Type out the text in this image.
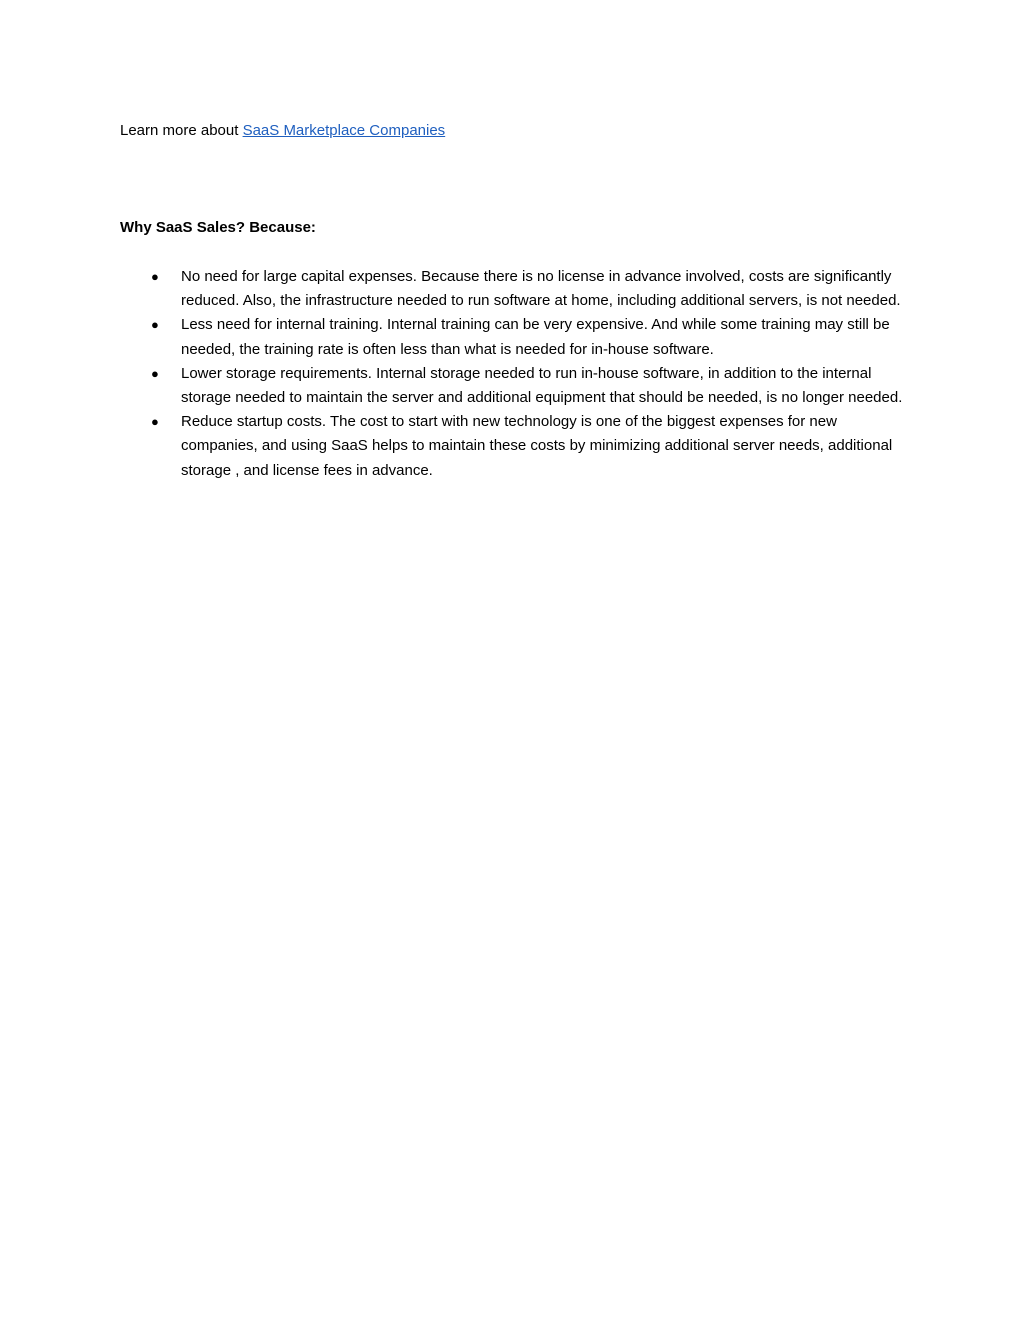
Learn more about SaaS Marketplace Companies

Why SaaS Sales? Because:

● No need for large capital expenses. Because there is no license in advance involved, costs are significantly reduced. Also, the infrastructure needed to run software at home, including additional servers, is not needed.
● Less need for internal training. Internal training can be very expensive. And while some training may still be needed, the training rate is often less than what is needed for in-house software.
● Lower storage requirements. Internal storage needed to run in-house software, in addition to the internal storage needed to maintain the server and additional equipment that should be needed, is no longer needed.
● Reduce startup costs. The cost to start with new technology is one of the biggest expenses for new companies, and using SaaS helps to maintain these costs by minimizing additional server needs, additional storage , and license fees in advance.
